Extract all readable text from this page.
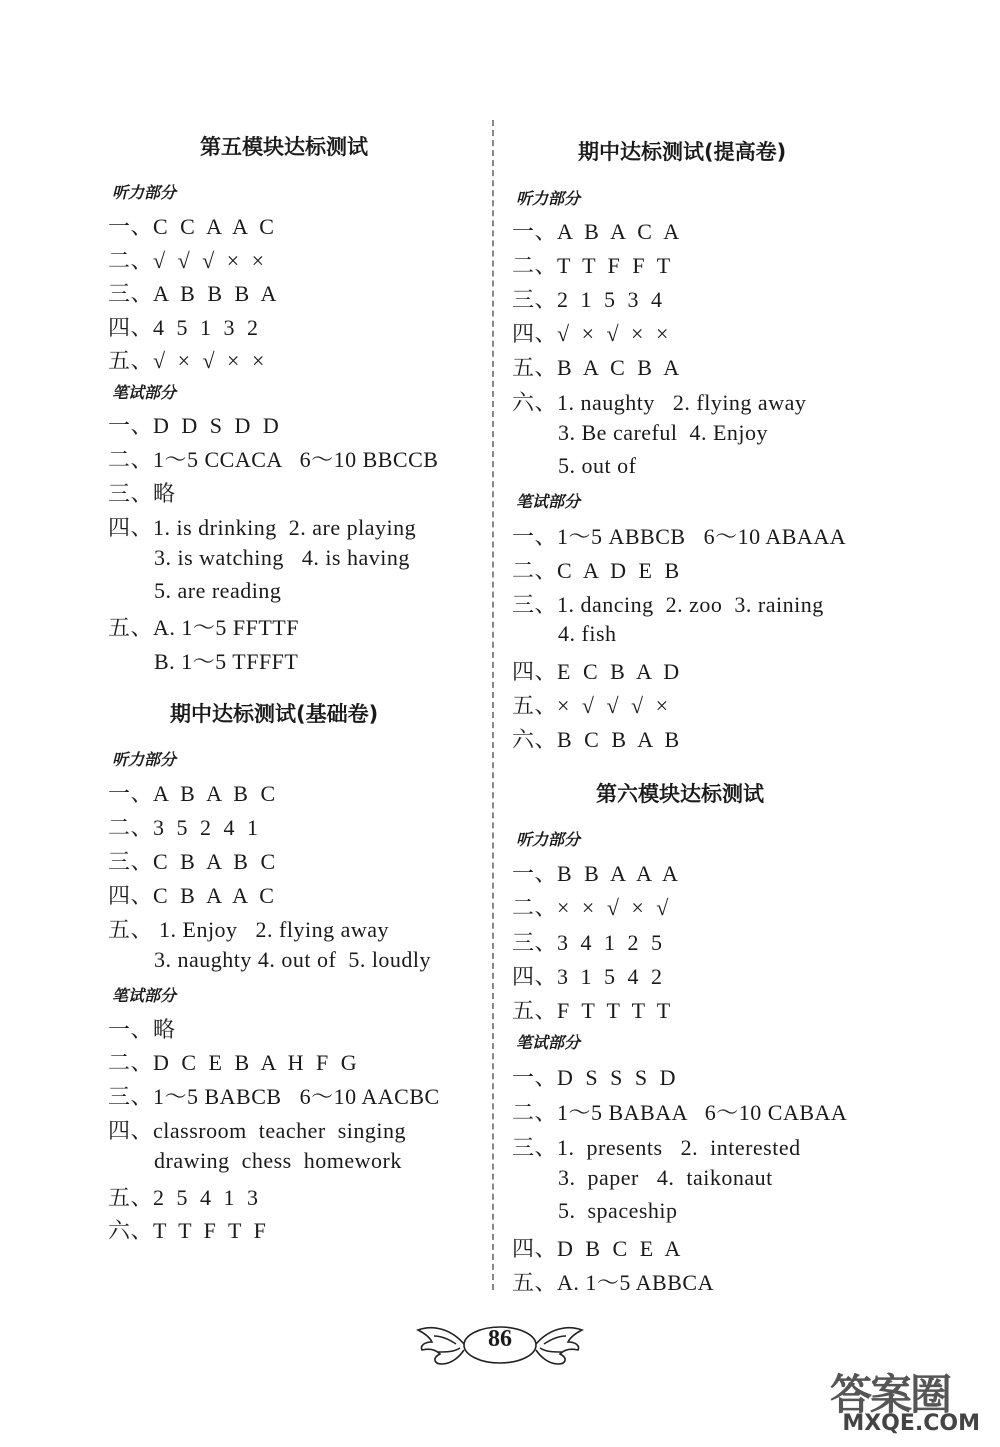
第五模块达标测试
听力部分
一、C  C  A  A  C
二、√  √  √  ×  ×
三、A  B  B  B  A
四、4  5  1  3  2
五、√  ×  √  ×  ×
笔试部分
一、D  D  S  D  D
二、1～5 CCACA   6～10 BBCCB
三、略
四、1. is drinking  2. are playing
3. is watching   4. is having
5. are reading
五、A. 1～5 FFTTF
B. 1～5 TFFFT
期中达标测试(基础卷)
听力部分
一、A  B  A  B  C
二、3  5  2  4  1
三、C  B  A  B  C
四、C  B  A  A  C
五、 1. Enjoy   2. flying away
3. naughty 4. out of  5. loudly
笔试部分
一、略
二、D  C  E  B  A  H  F  G
三、1～5 BABCB   6～10 AACBC
四、classroom  teacher  singing
drawing  chess  homework
五、2  5  4  1  3
六、T  T  F  T  F
期中达标测试(提高卷)
听力部分
一、A  B  A  C  A
二、T  T  F  F  T
三、2  1  5  3  4
四、√  ×  √  ×  ×
五、B  A  C  B  A
六、1. naughty   2. flying away
3. Be careful  4. Enjoy
5. out of
笔试部分
一、1～5 ABBCB   6～10 ABAAA
二、C  A  D  E  B
三、1. dancing  2. zoo  3. raining
4. fish
四、E  C  B  A  D
五、×  √  √  √  ×
六、B  C  B  A  B
第六模块达标测试
听力部分
一、B  B  A  A  A
二、×  ×  √  ×  √
三、3  4  1  2  5
四、3  1  5  4  2
五、F  T  T  T  T
笔试部分
一、D  S  S  S  D
二、1～5 BABAA   6～10 CABAA
三、1.  presents   2.  interested
3.  paper   4.  taikonaut
5.  spaceship
四、D  B  C  E  A
五、A. 1～5 ABBCA
86
答案圈
MXQE.COM
